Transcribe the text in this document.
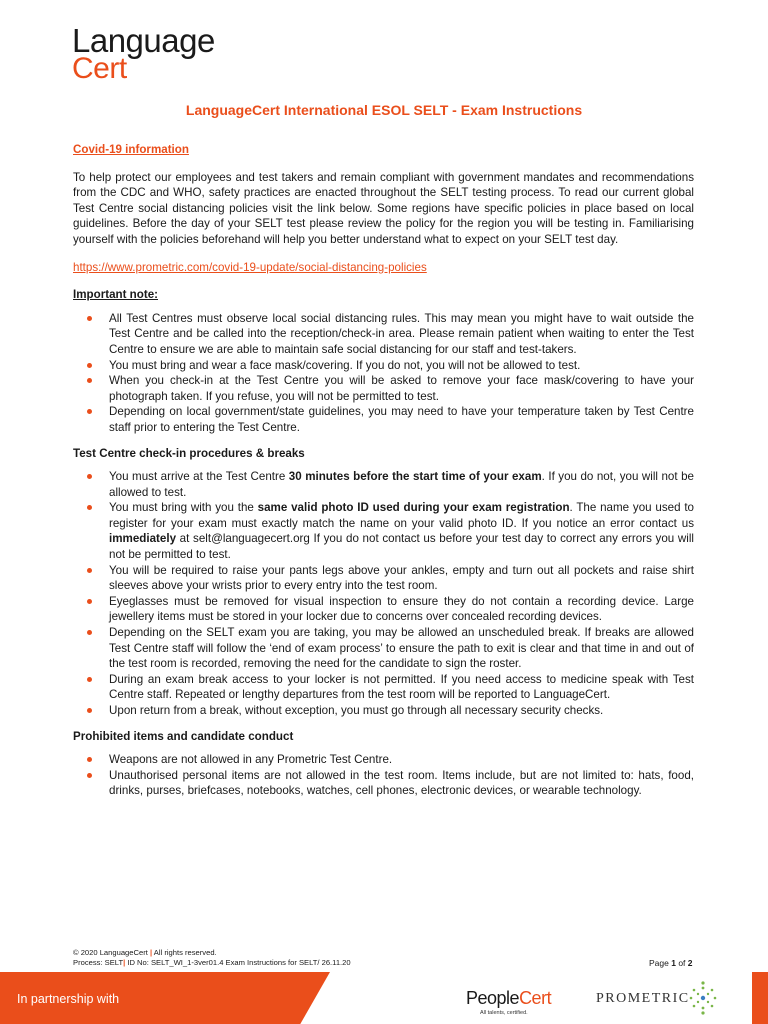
Language
Cert
LanguageCert International ESOL SELT - Exam Instructions

Covid-19 information

To help protect our employees and test takers and remain compliant with government mandates and recommendations from the CDC and WHO, safety practices are enacted throughout the SELT testing process. To read our current global Test Centre social distancing policies visit the link below. Some regions have specific policies in place based on local guidelines. Before the day of your SELT test please review the policy for the region you will be testing in. Familiarising yourself with the policies beforehand will help you better understand what to expect on your SELT test day.

https://www.prometric.com/covid-19-update/social-distancing-policies

Important note:

All Test Centres must observe local social distancing rules. This may mean you might have to wait outside the Test Centre and be called into the reception/check-in area. Please remain patient when waiting to enter the Test Centre to ensure we are able to maintain safe social distancing for our staff and test-takers.
You must bring and wear a face mask/covering. If you do not, you will not be allowed to test.
When you check-in at the Test Centre you will be asked to remove your face mask/covering to have your photograph taken. If you refuse, you will not be permitted to test.
Depending on local government/state guidelines, you may need to have your temperature taken by Test Centre staff prior to entering the Test Centre.

Test Centre check-in procedures & breaks

You must arrive at the Test Centre 30 minutes before the start time of your exam. If you do not, you will not be allowed to test.
You must bring with you the same valid photo ID used during your exam registration. The name you used to register for your exam must exactly match the name on your valid photo ID. If you notice an error contact us immediately at selt@languagecert.org If you do not contact us before your test day to correct any errors you will not be permitted to test.
You will be required to raise your pants legs above your ankles, empty and turn out all pockets and raise shirt sleeves above your wrists prior to every entry into the test room.
Eyeglasses must be removed for visual inspection to ensure they do not contain a recording device. Large jewellery items must be stored in your locker due to concerns over concealed recording devices.
Depending on the SELT exam you are taking, you may be allowed an unscheduled break. If breaks are allowed Test Centre staff will follow the ‘end of exam process’ to ensure the path to exit is clear and that time in and out of the test room is recorded, removing the need for the candidate to sign the roster.
During an exam break access to your locker is not permitted. If you need access to medicine speak with Test Centre staff. Repeated or lengthy departures from the test room will be reported to LanguageCert.
Upon return from a break, without exception, you must go through all necessary security checks.

Prohibited items and candidate conduct

Weapons are not allowed in any Prometric Test Centre.
Unauthorised personal items are not allowed in the test room. Items include, but are not limited to: hats, food, drinks, purses, briefcases, notebooks, watches, cell phones, electronic devices, or wearable technology.
© 2020 LanguageCert | All rights reserved.
Process: SELT| ID No: SELT_WI_1-3ver01.4 Exam Instructions for SELT/ 26.11.20	Page 1 of 2
In partnership with	PeopleCert
All talents, certified.
PROMETRIC
